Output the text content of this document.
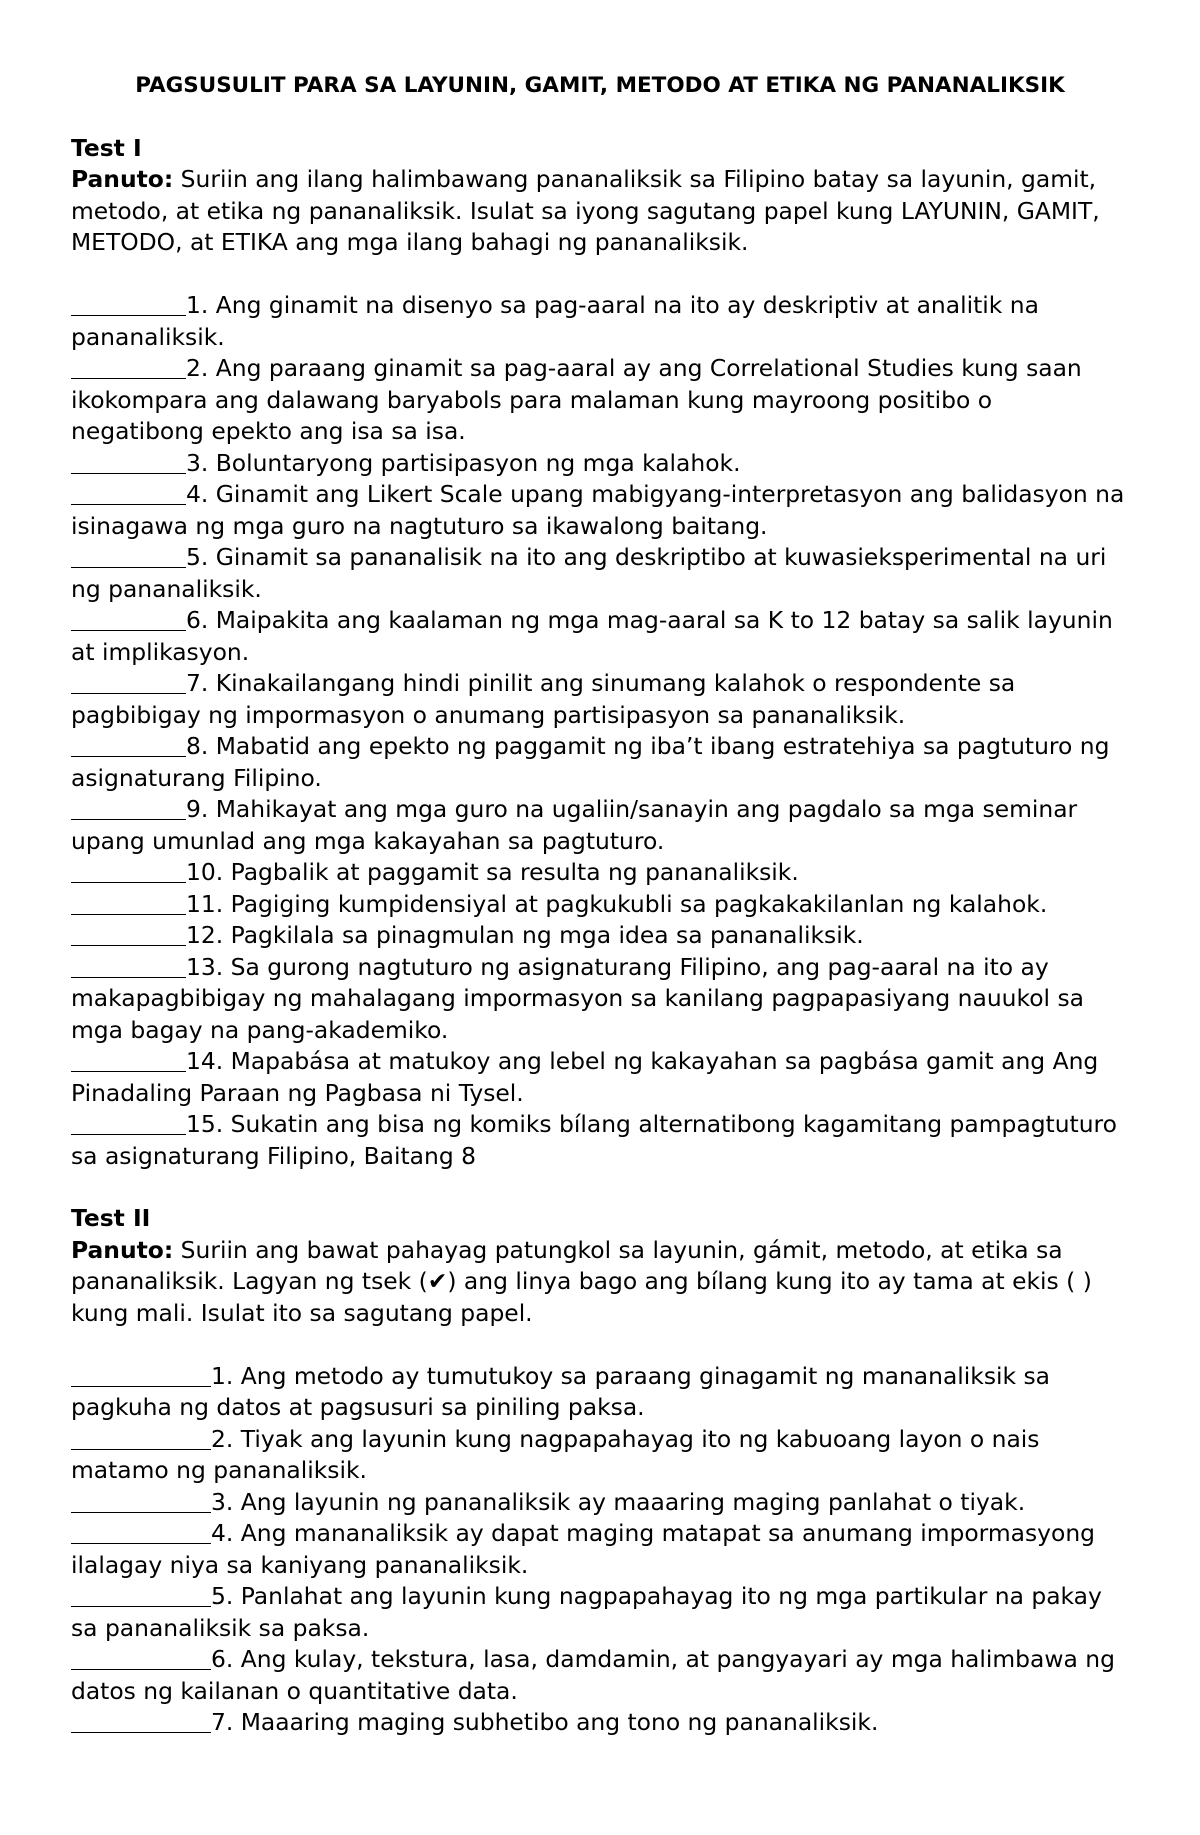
PAGSUSULIT PARA SA LAYUNIN, GAMIT, METODO AT ETIKA NG PANANALIKSIK
Test I

Panuto: Suriin ang ilang halimbawang pananaliksik sa Filipino batay sa layunin, gamit, metodo, at etika ng pananaliksik. Isulat sa iyong sagutang papel kung LAYUNIN, GAMIT, METODO, at ETIKA ang mga ilang bahagi ng pananaliksik.

1. Ang ginamit na disenyo sa pag-aaral na ito ay deskriptiv at analitik na pananaliksik.
2. Ang paraang ginamit sa pag-aaral ay ang Correlational Studies kung saan ikokompara ang dalawang baryabols para malaman kung mayroong positibo o negatibong epekto ang isa sa isa.
3. Boluntaryong partisipasyon ng mga kalahok.
4. Ginamit ang Likert Scale upang mabigyang-interpretasyon ang balidasyon na isinagawa ng mga guro na nagtuturo sa ikawalong baitang.
5. Ginamit sa pananalisik na ito ang deskriptibo at kuwasieksperimental na uri ng pananaliksik.
6. Maipakita ang kaalaman ng mga mag-aaral sa K to 12 batay sa salik layunin at implikasyon.
7. Kinakailangang hindi pinilit ang sinumang kalahok o respondente sa pagbibigay ng impormasyon o anumang partisipasyon sa pananaliksik.
8. Mabatid ang epekto ng paggamit ng iba’t ibang estratehiya sa pagtuturo ng asignaturang Filipino.
9. Mahikayat ang mga guro na ugaliin/sanayin ang pagdalo sa mga seminar upang umunlad ang mga kakayahan sa pagtuturo.
10. Pagbalik at paggamit sa resulta ng pananaliksik.
11. Pagiging kumpidensiyal at pagkukubli sa pagkakakilanlan ng kalahok.
12. Pagkilala sa pinagmulan ng mga idea sa pananaliksik.
13. Sa gurong nagtuturo ng asignaturang Filipino, ang pag-aaral na ito ay makapagbibigay ng mahalagang impormasyon sa kanilang pagpapasiyang nauukol sa mga bagay na pang-akademiko.
14. Mapabása at matukoy ang lebel ng kakayahan sa pagbása gamit ang Ang Pinadaling Paraan ng Pagbasa ni Tysel.
15. Sukatin ang bisa ng komiks bílang alternatibong kagamitang pampagtuturo sa asignaturang Filipino, Baitang 8
Test II

Panuto: Suriin ang bawat pahayag patungkol sa layunin, gámit, metodo, at etika sa pananaliksik. Lagyan ng tsek (✔) ang linya bago ang bílang kung ito ay tama at ekis ( ) kung mali. Isulat ito sa sagutang papel.

1. Ang metodo ay tumutukoy sa paraang ginagamit ng mananaliksik sa pagkuha ng datos at pagsusuri sa piniling paksa.
2. Tiyak ang layunin kung nagpapahayag ito ng kabuoang layon o nais matamo ng pananaliksik.
3. Ang layunin ng pananaliksik ay maaaring maging panlahat o tiyak.
4. Ang mananaliksik ay dapat maging matapat sa anumang impormasyong ilalagay niya sa kaniyang pananaliksik.
5. Panlahat ang layunin kung nagpapahayag ito ng mga partikular na pakay sa pananaliksik sa paksa.
6. Ang kulay, tekstura, lasa, damdamin, at pangyayari ay mga halimbawa ng datos ng kailanan o quantitative data.
7. Maaaring maging subhetibo ang tono ng pananaliksik.
